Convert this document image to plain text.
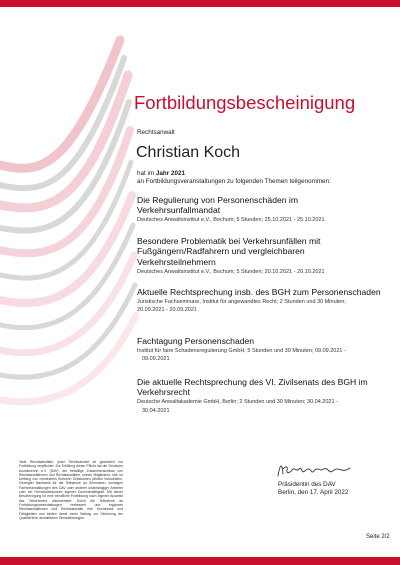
Fortbildungsbescheinigung
Rechtsanwalt
Christian Koch
hat im Jahr 2021
an Fortbildungsveranstaltungen zu folgenden Themen teilgenommen:
Die Regulierung von Personenschäden im Verkehrsunfallmandat
Deutsches Anwaltsinstitut e.V., Bochum; 5 Stunden; 25.10.2021 - 25.10.2021
Besondere Problematik bei Verkehrsunfällen mit Fußgängern/Radfahrern und vergleichbaren Verkehrsteilnehmern
Deutsches Anwaltsinstitut e.V., Bochum; 5 Stunden; 20.10.2021 - 20.10.2021
Aktuelle Rechtsprechung insb. des BGH zum Personenschaden
Juristische Fachseminare, Institut für angewandtes Recht; 2 Stunden und 30 Minuten;
20.09.2021 - 20.09.2021
Fachtagung Personenschaden
Institut für faire Schadensregulierung GmbH; 5 Stunden und 30 Minuten; 09.09.2021 -
09.09.2021
Die aktuelle Rechtsprechung des VI. Zivilsenats des BGH im Verkehrsrecht
Deutsche Anwaltakademie GmbH, Berlin; 2 Stunden und 30 Minuten; 30.04.2021 -
30.04.2021
Jede Rechtsanwältin, jeder Rechtsanwalt ist gesetzlich zur Fortbildung verpflichtet. Zur Erfüllung dieser Pflicht hat der Deutsche Anwaltverein e.V. (DAV), der freiwillige Zusammenschluss von Rechtsanwältinnen und Rechtsanwälten, seinen Mitgliedern, sich im Umfang von mindestens fünfzehn Zeitstunden jährlich fortzubilden, Gezeigter Nachweis für die Teilnahme an Seminaren, sonstigen Fachveranstaltungen des DAV oder anderer unabhängiger Anbieter oder bei Fernstudienkursen eigener Dozententätigkeit. Mit dieser Bescheinigung ist eine berufliche Fortbildung nach eigener Auswahl des Teilnehmers dokumentiert. Durch die Teilnahme an Fortbildungsveranstaltungen verbessert und ergänzen Rechtsanwältinnen und Rechtsanwälte ihre Kenntnisse und Fähigkeiten und leisten damit einen Beitrag zur Sicherung der Qualität ihrer anwaltlichen Dienstleistungen.
Präsidentin des DAV
Berlin, den 17. April 2022
Seite 2/2
